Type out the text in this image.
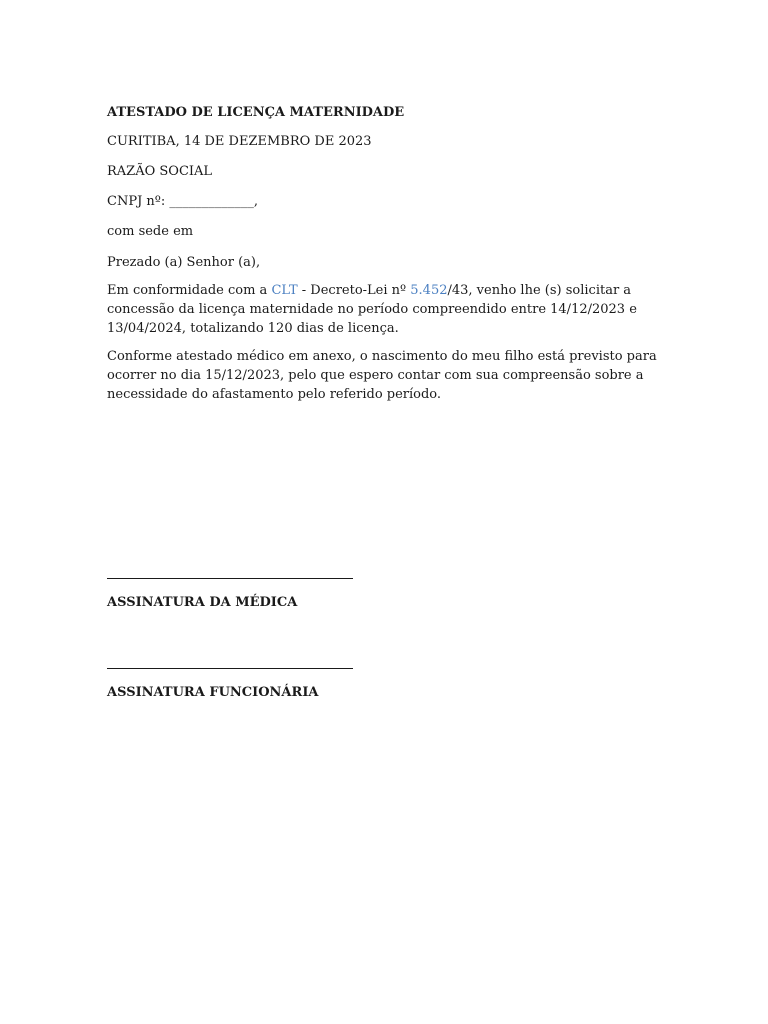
ATESTADO DE LICENÇA MATERNIDADE
CURITIBA, 14 DE DEZEMBRO DE 2023
RAZÃO SOCIAL
CNPJ nº: _____________,
com sede em
Prezado (a) Senhor (a),
Em conformidade com a CLT - Decreto-Lei nº 5.452/43, venho lhe (s) solicitar a concessão da licença maternidade no período compreendido entre 14/12/2023 e 13/04/2024, totalizando 120 dias de licença.
Conforme atestado médico em anexo, o nascimento do meu filho está previsto para ocorrer no dia 15/12/2023, pelo que espero contar com sua compreensão sobre a necessidade do afastamento pelo referido período.
ASSINATURA DA MÉDICA
ASSINATURA FUNCIONÁRIA
